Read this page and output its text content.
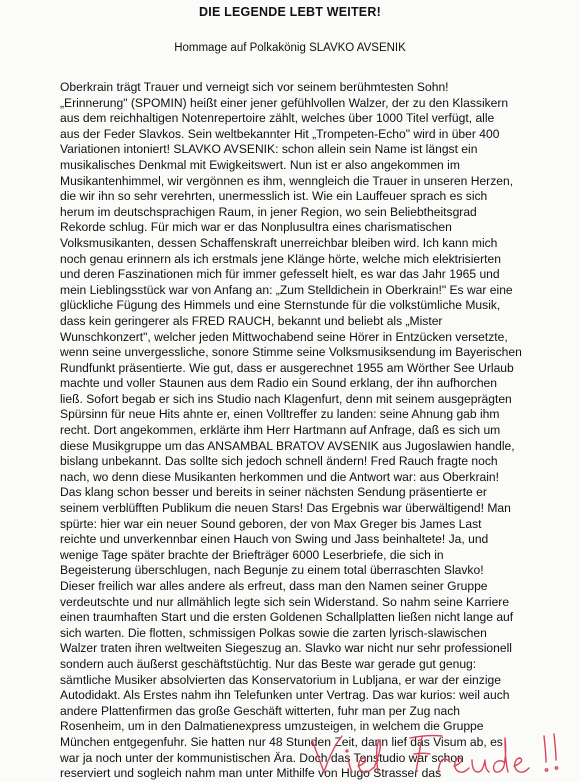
DIE LEGENDE LEBT WEITER!
Hommage auf Polkakönig SLAVKO AVSENIK
Oberkrain trägt Trauer und verneigt sich vor seinem berühmtesten Sohn!
„Erinnerung" (SPOMIN) heißt einer jener gefühlvollen Walzer, der zu den Klassikern
aus dem reichhaltigen Notenrepertoire zählt, welches über 1000 Titel verfügt, alle
aus der Feder Slavkos. Sein weltbekannter Hit „Trompeten-Echo" wird in über 400
Variationen intoniert! SLAVKO AVSENIK: schon allein sein Name ist längst ein
musikalisches Denkmal mit Ewigkeitswert. Nun ist er also angekommen im
Musikantenhimmel, wir vergönnen es ihm, wenngleich die Trauer in unseren Herzen,
die wir ihn so sehr verehrten, unermesslich ist. Wie ein Lauffeuer sprach es sich
herum im deutschsprachigen Raum, in jener Region, wo sein Beliebtheitsgrad
Rekorde schlug. Für mich war er das Nonplusultra eines charismatischen
Volksmusikanten, dessen Schaffenskraft unerreichbar bleiben wird. Ich kann mich
noch genau erinnern als ich erstmals jene Klänge hörte, welche mich elektrisierten
und deren Faszinationen mich für immer gefesselt hielt, es war das Jahr 1965 und
mein Lieblingsstück war von Anfang an: „Zum Stelldichein in Oberkrain!" Es war eine
glückliche Fügung des Himmels und eine Sternstunde für die volkstümliche Musik,
dass kein geringerer als FRED RAUCH, bekannt und beliebt als „Mister
Wunschkonzert", welcher jeden Mittwochabend seine Hörer in Entzücken versetzte,
wenn seine unvergessliche, sonore Stimme seine Volksmusiksendung im Bayerischen
Rundfunkt präsentierte. Wie gut, dass er ausgerechnet 1955 am Wörther See Urlaub
machte und voller Staunen aus dem Radio ein Sound erklang, der ihn aufhorchen
ließ. Sofort begab er sich ins Studio nach Klagenfurt, denn mit seinem ausgeprägten
Spürsinn für neue Hits ahnte er, einen Volltreffer zu landen: seine Ahnung gab ihm
recht. Dort angekommen, erklärte ihm Herr Hartmann auf Anfrage, daß es sich um
diese Musikgruppe um das ANSAMBAL BRATOV AVSENIK aus Jugoslawien handle,
bislang unbekannt. Das sollte sich jedoch schnell ändern! Fred Rauch fragte noch
nach, wo denn diese Musikanten herkommen und die Antwort war: aus Oberkrain!
Das klang schon besser und bereits in seiner nächsten Sendung präsentierte er
seinem verblüfften Publikum die neuen Stars! Das Ergebnis war überwältigend! Man
spürte: hier war ein neuer Sound geboren, der von Max Greger bis James Last
reichte und unverkennbar einen Hauch von Swing und Jass beinhaltete! Ja, und
wenige Tage später brachte der Briefträger 6000 Leserbriefe, die sich in
Begeisterung überschlugen, nach Begunje zu einem total überraschten Slavko!
Dieser freilich war alles andere als erfreut, dass man den Namen seiner Gruppe
verdeutschte und nur allmählich legte sich sein Widerstand. So nahm seine Karriere
einen traumhaften Start und die ersten Goldenen Schallplatten ließen nicht lange auf
sich warten. Die flotten, schmissigen Polkas sowie die zarten lyrisch-slawischen
Walzer traten ihren weltweiten Siegeszug an. Slavko war nicht nur sehr professionell
sondern auch äußerst geschäftstüchtig. Nur das Beste war gerade gut genug:
sämtliche Musiker absolvierten das Konservatorium in Lubljana, er war der einzige
Autodidakt. Als Erstes nahm ihn Telefunken unter Vertrag. Das war kurios: weil auch
andere Plattenfirmen das große Geschäft witterten, fuhr man per Zug nach
Rosenheim, um in den Dalmatienexpress umzusteigen, in welchem die Gruppe
München entgegenfuhr. Sie hatten nur 48 Stunden Zeit, dann lief das Visum ab, es
war ja noch unter der kommunistischen Ära. Doch das Tonstudio war schon
reserviert und sogleich nahm man unter Mithilfe von Hugo Strasser das
